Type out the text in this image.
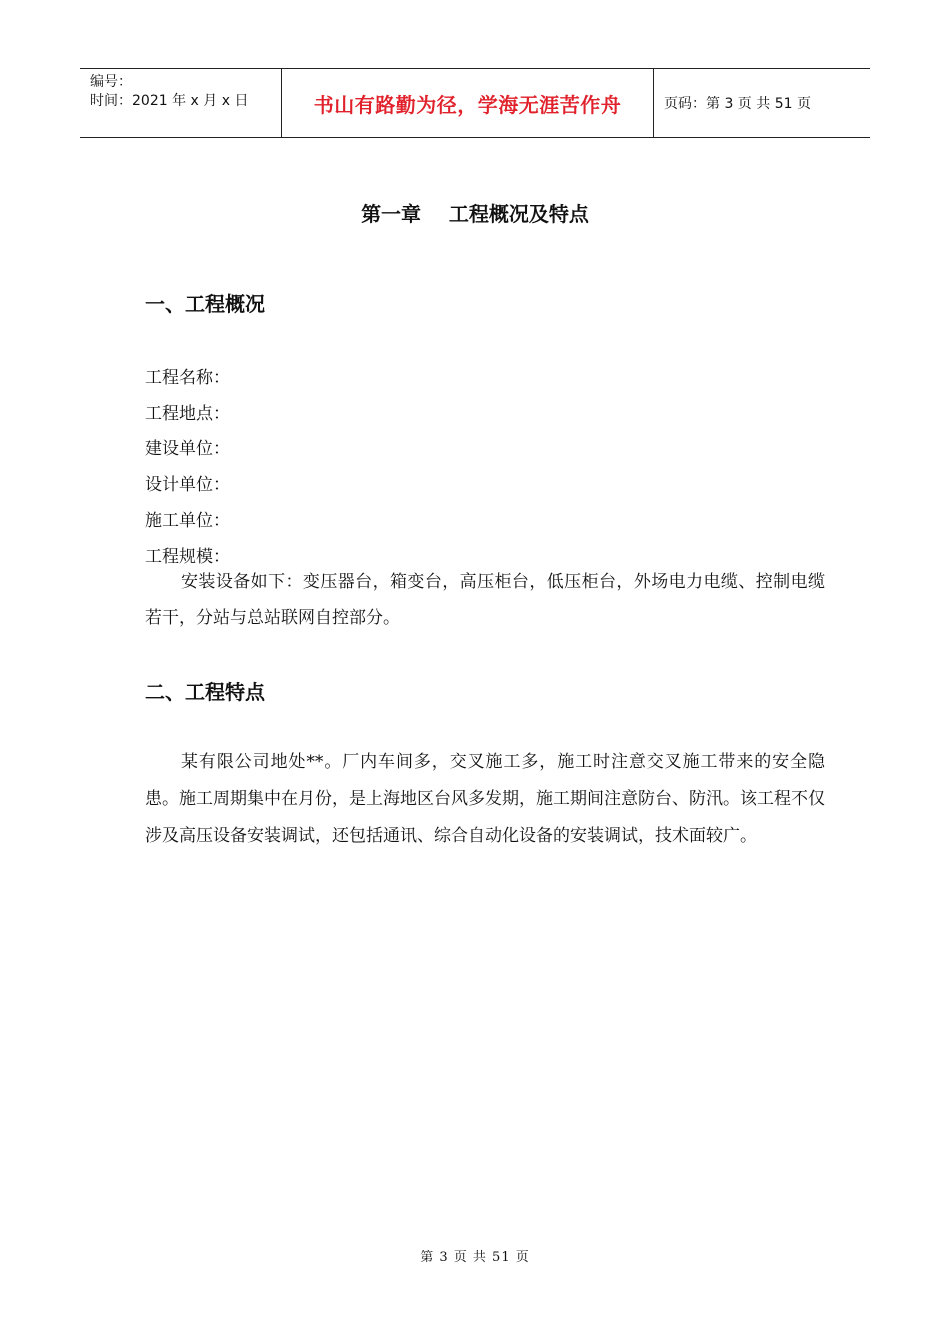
编号：
时间：2021 年 x 月 x 日	书山有路勤为径，学海无涯苦作舟	页码：第 3 页 共 51 页
第一章    工程概况及特点
一、工程概况
工程名称：
工程地点：
建设单位：
设计单位：
施工单位：
工程规模：
安装设备如下：变压器台，箱变台，高压柜台，低压柜台，外场电力电缆、控制电缆若干，分站与总站联网自控部分。
二、工程特点
某有限公司地处**。厂内车间多，交叉施工多，施工时注意交叉施工带来的安全隐患。施工周期集中在月份，是上海地区台风多发期，施工期间注意防台、防汛。该工程不仅涉及高压设备安装调试，还包括通讯、综合自动化设备的安装调试，技术面较广。
第 3 页 共 51 页
